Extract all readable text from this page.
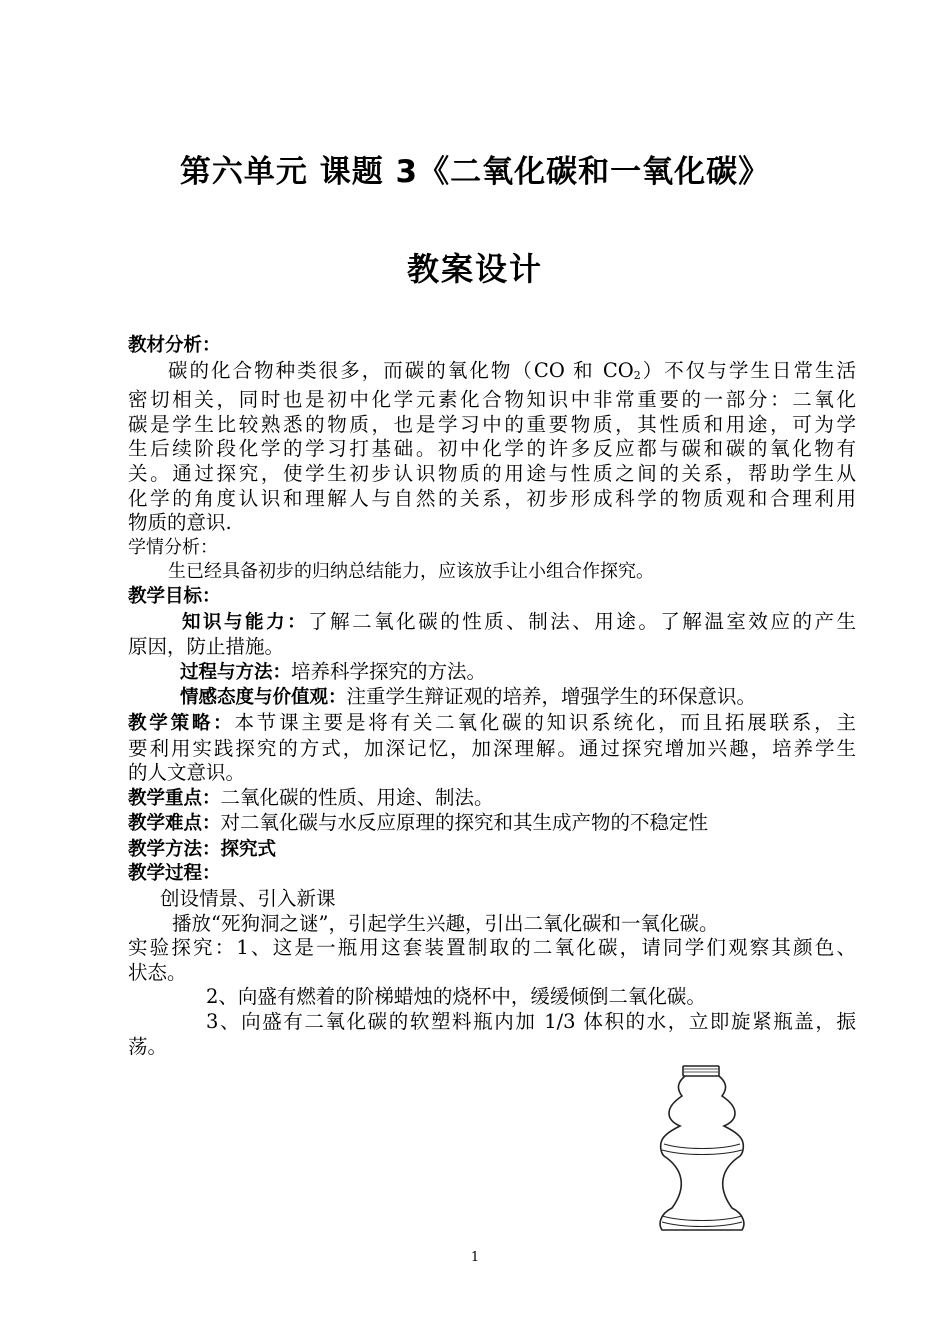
第六单元 课题 3《二氧化碳和一氧化碳》
教案设计
教材分析：
碳的化合物种类很多，而碳的氧化物（CO 和 $CO_2$）不仅与学生日常生活
密切相关，同时也是初中化学元素化合物知识中非常重要的一部分：二氧化
碳是学生比较熟悉的物质，也是学习中的重要物质，其性质和用途，可为学
生后续阶段化学的学习打基础。初中化学的许多反应都与碳和碳的氧化物有
关。通过探究，使学生初步认识物质的用途与性质之间的关系，帮助学生从
化学的角度认识和理解人与自然的关系，初步形成科学的物质观和合理利用
物质的意识.
学情分析：
生已经具备初步的归纳总结能力，应该放手让小组合作探究。
教学目标：
知识与能力：了解二氧化碳的性质、制法、用途。了解温室效应的产生
原因，防止措施。
过程与方法：培养科学探究的方法。
情感态度与价值观：注重学生辩证观的培养，增强学生的环保意识。
教学策略：本节课主要是将有关二氧化碳的知识系统化，而且拓展联系，主
要利用实践探究的方式，加深记忆，加深理解。通过探究增加兴趣，培养学生
的人文意识。
教学重点：二氧化碳的性质、用途、制法。
教学难点：对二氧化碳与水反应原理的探究和其生成产物的不稳定性
教学方法：探究式
教学过程：
创设情景、引入新课
播放“死狗洞之谜”，引起学生兴趣，引出二氧化碳和一氧化碳。
实验探究：1、这是一瓶用这套装置制取的二氧化碳，请同学们观察其颜色、
状态。
2、向盛有燃着的阶梯蜡烛的烧杯中，缓缓倾倒二氧化碳。
3、向盛有二氧化碳的软塑料瓶内加 1/3 体积的水，立即旋紧瓶盖，振
荡。
1
